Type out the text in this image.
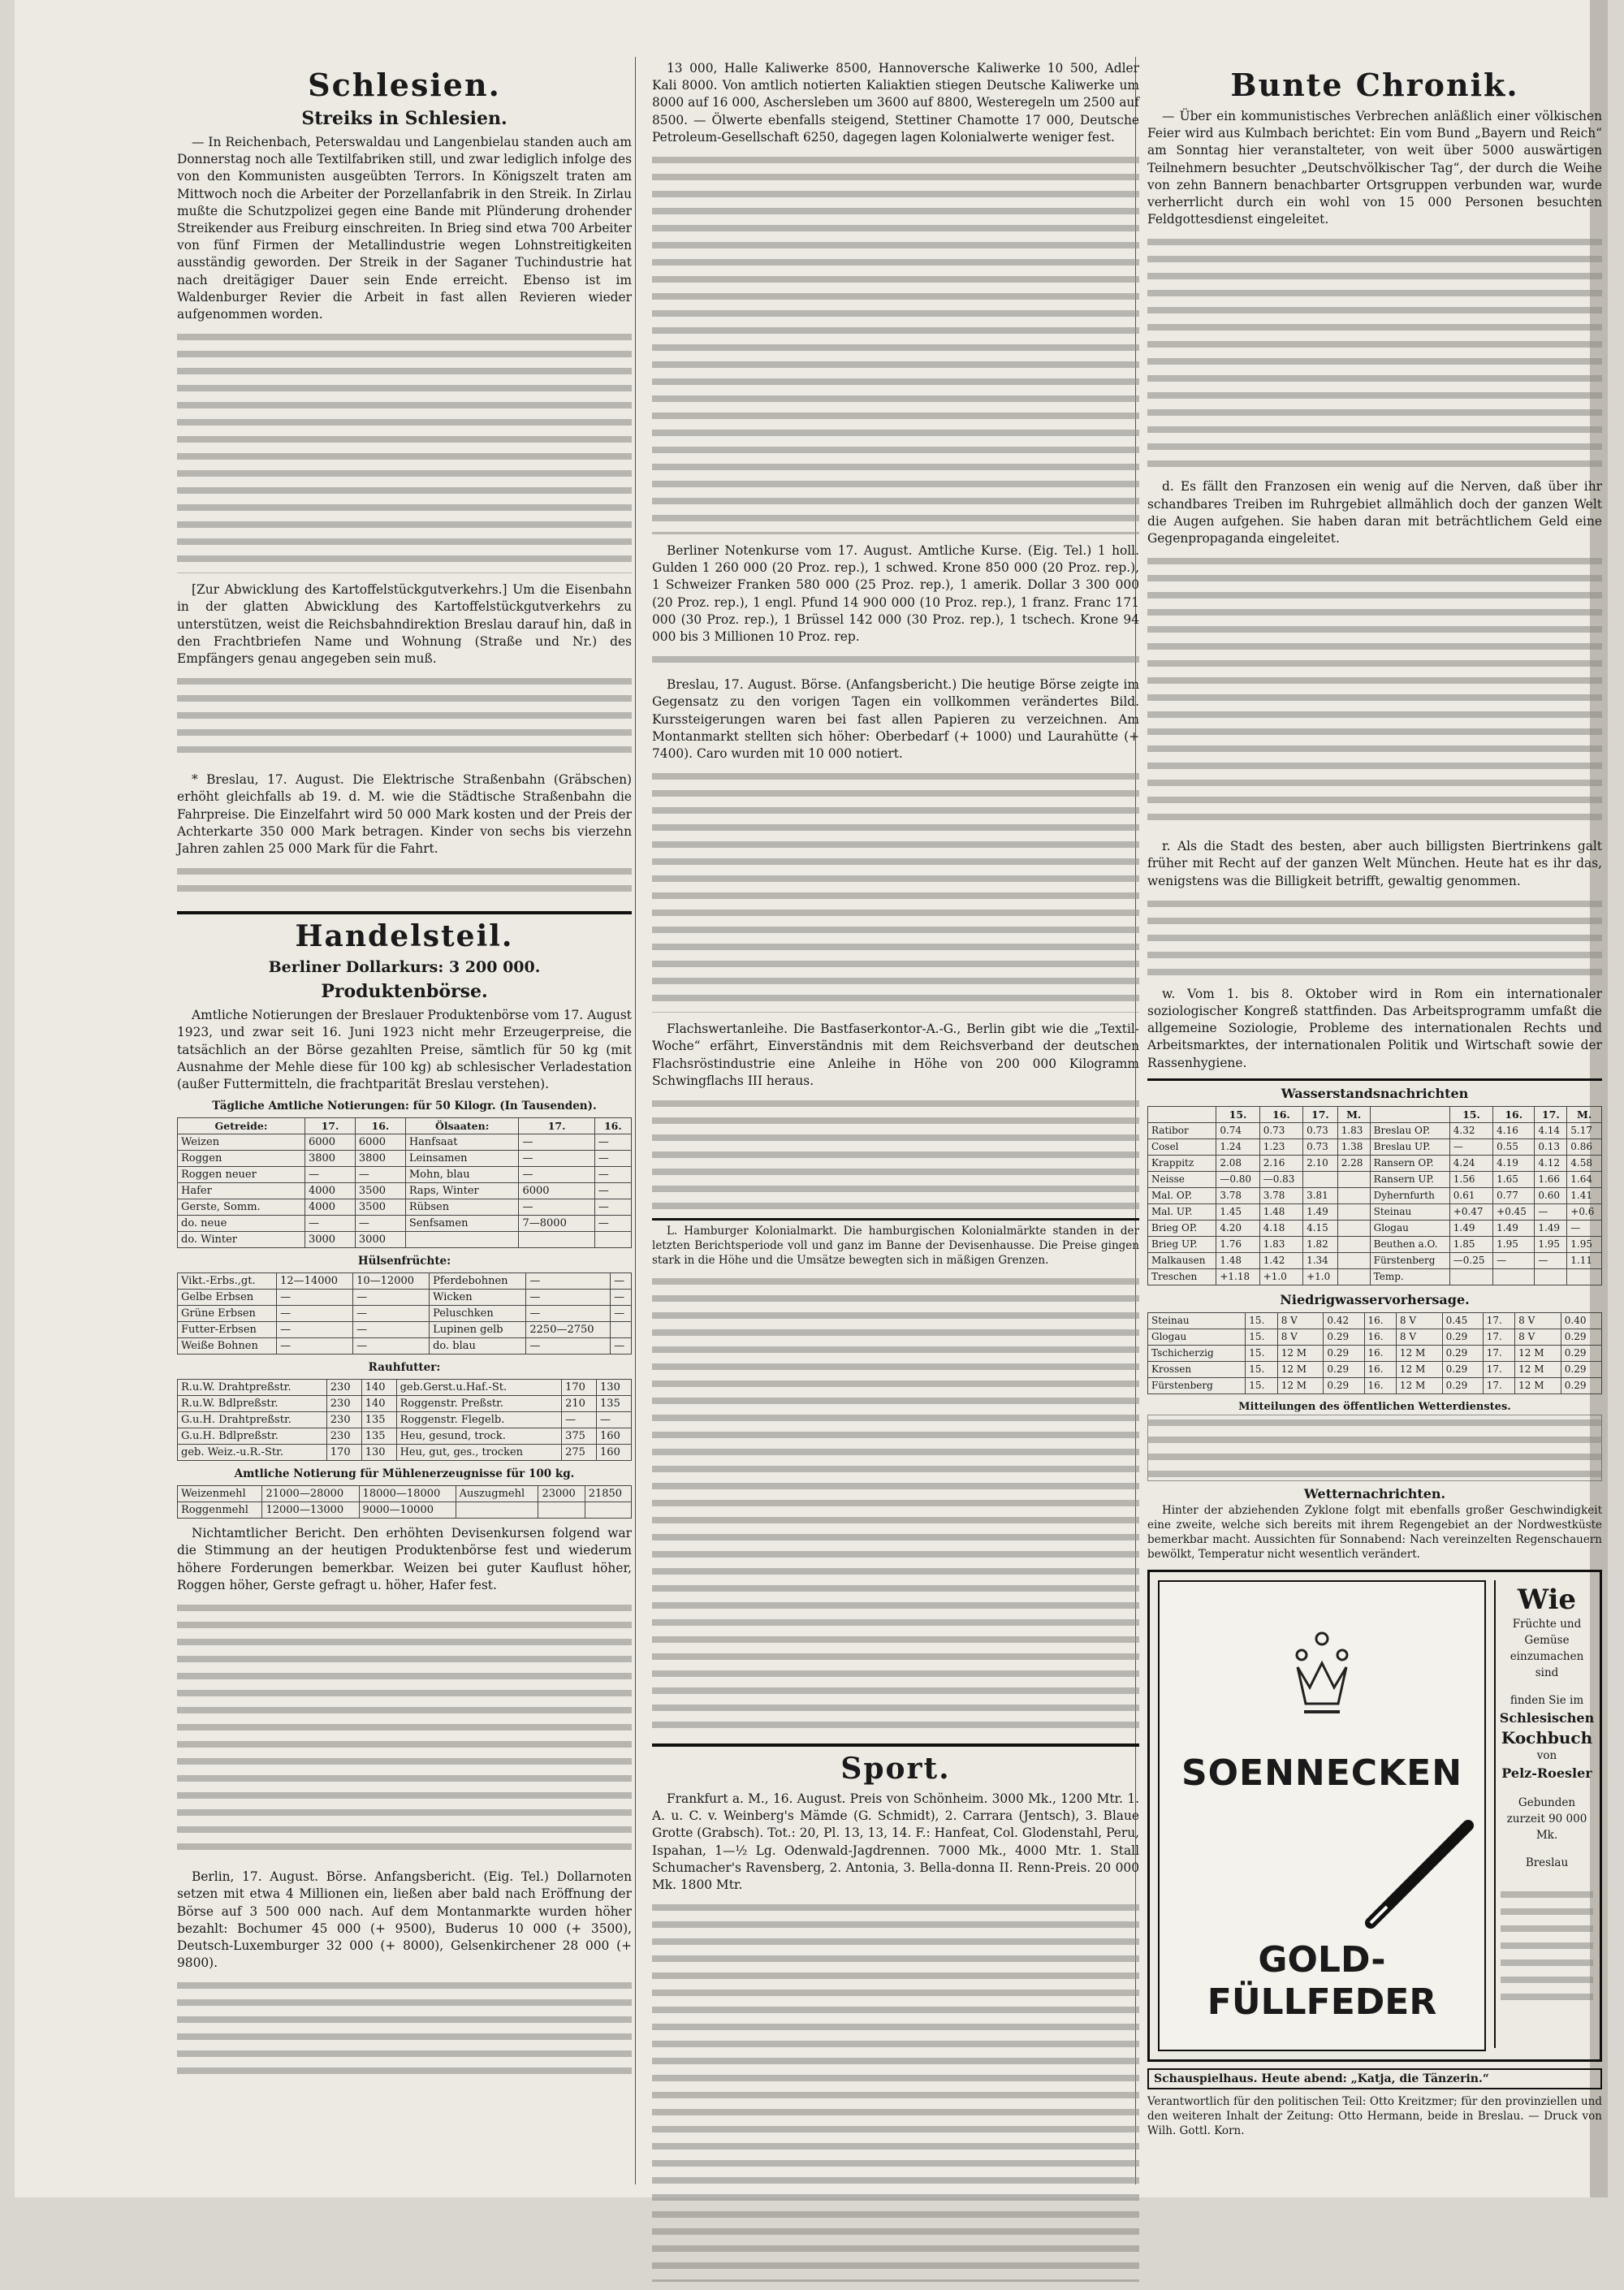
Schlesien.
Streiks in Schlesien.

— In Reichenbach, Peterswaldau und Langenbielau standen auch am Donnerstag noch alle Textilfabriken still, und zwar lediglich infolge des von den Kommunisten ausgeübten Terrors. In Königszelt traten am Mittwoch noch die Arbeiter der Porzellanfabrik in den Streik. In Zirlau mußte die Schutzpolizei gegen eine Bande mit Plünderung drohender Streikender aus Freiburg einschreiten. In Brieg sind etwa 700 Arbeiter von fünf Firmen der Metallindustrie wegen Lohnstreitigkeiten ausständig geworden. Der Streik in der Saganer Tuchindustrie hat nach dreitägiger Dauer sein Ende erreicht. Ebenso ist im Waldenburger Revier die Arbeit in fast allen Revieren wieder aufgenommen worden.

[Zur Abwicklung des Kartoffelstückgutverkehrs.] Um die Eisenbahn in der glatten Abwicklung des Kartoffelstückgutverkehrs zu unterstützen, weist die Reichsbahndirektion Breslau darauf hin, daß in den Frachtbriefen Name und Wohnung (Straße und Nr.) des Empfängers genau angegeben sein muß.

* Breslau, 17. August. Die Elektrische Straßenbahn (Gräbschen) erhöht gleichfalls ab 19. d. M. wie die Städtische Straßenbahn die Fahrpreise. Die Einzelfahrt wird 50 000 Mark kosten und der Preis der Achterkarte 350 000 Mark betragen. Kinder von sechs bis vierzehn Jahren zahlen 25 000 Mark für die Fahrt.

Handelsteil.
Berliner Dollarkurs: 3 200 000.
Produktenbörse.

Amtliche Notierungen der Breslauer Produktenbörse vom 17. August 1923, und zwar seit 16. Juni 1923 nicht mehr Erzeugerpreise, die tatsächlich an der Börse gezahlten Preise, sämtlich für 50 kg (mit Ausnahme der Mehle diese für 100 kg) ab schlesischer Verladestation (außer Futtermitteln, die frachtparität Breslau verstehen).

Tägliche Amtliche Notierungen: für 50 Kilogr. (In Tausenden).
Getreide:	17.	16.	Ölsaaten:	17.	16.
Weizen	6000	6000	Hanfsaat	—	—
Roggen	3800	3800	Leinsamen	—	—
Roggen neuer	—	—	Mohn, blau	—	—
Hafer	4000	3500	Raps, Winter	6000	—
Gerste, Somm.	4000	3500	Rübsen	—	—
do. neue	—	—	Senfsamen	7—8000	—
do. Winter	3000	3000			
Hülsenfrüchte:
Vikt.-Erbs.,gt.	12—14000	10—12000	Pferdebohnen	—	—
Gelbe Erbsen	—	—	Wicken	—	—
Grüne Erbsen	—	—	Peluschken	—	—
Futter-Erbsen	—	—	Lupinen gelb	2250—2750	
Weiße Bohnen	—	—	do. blau	—	—
Rauhfutter:
R.u.W. Drahtpreßstr.	230	140	geb.Gerst.u.Haf.-St.	170	130
R.u.W. Bdlpreßstr.	230	140	Roggenstr. Preßstr.	210	135
G.u.H. Drahtpreßstr.	230	135	Roggenstr. Flegelb.	—	—
G.u.H. Bdlpreßstr.	230	135	Heu, gesund, trock.	375	160
geb. Weiz.-u.R.-Str.	170	130	Heu, gut, ges., trocken	275	160
Amtliche Notierung für Mühlenerzeugnisse für 100 kg.
Weizenmehl	21000—28000	18000—18000	Auszugmehl	23000	21850
Roggenmehl	12000—13000	9000—10000			

Nichtamtlicher Bericht. Den erhöhten Devisenkursen folgend war die Stimmung an der heutigen Produktenbörse fest und wiederum höhere Forderungen bemerkbar. Weizen bei guter Kauflust höher, Roggen höher, Gerste gefragt u. höher, Hafer fest.

Berlin, 17. August. Börse. Anfangsbericht. (Eig. Tel.) Dollarnoten setzen mit etwa 4 Millionen ein, ließen aber bald nach Eröffnung der Börse auf 3 500 000 nach. Auf dem Montanmarkte wurden höher bezahlt: Bochumer 45 000 (+ 9500), Buderus 10 000 (+ 3500), Deutsch-Luxemburger 32 000 (+ 8000), Gelsenkirchener 28 000 (+ 9800).

13 000, Halle Kaliwerke 8500, Hannoversche Kaliwerke 10 500, Adler Kali 8000. Von amtlich notierten Kaliaktien stiegen Deutsche Kaliwerke um 8000 auf 16 000, Aschersleben um 3600 auf 8800, Westeregeln um 2500 auf 8500. — Ölwerte ebenfalls steigend, Stettiner Chamotte 17 000, Deutsche Petroleum-Gesellschaft 6250, dagegen lagen Kolonialwerte weniger fest.

Berliner Notenkurse vom 17. August. Amtliche Kurse. (Eig. Tel.) 1 holl. Gulden 1 260 000 (20 Proz. rep.), 1 schwed. Krone 850 000 (20 Proz. rep.), 1 Schweizer Franken 580 000 (25 Proz. rep.), 1 amerik. Dollar 3 300 000 (20 Proz. rep.), 1 engl. Pfund 14 900 000 (10 Proz. rep.), 1 franz. Franc 171 000 (30 Proz. rep.), 1 Brüssel 142 000 (30 Proz. rep.), 1 tschech. Krone 94 000 bis 3 Millionen 10 Proz. rep.

Breslau, 17. August. Börse. (Anfangsbericht.) Die heutige Börse zeigte im Gegensatz zu den vorigen Tagen ein vollkommen verändertes Bild. Kurssteigerungen waren bei fast allen Papieren zu verzeichnen. Am Montanmarkt stellten sich höher: Oberbedarf (+ 1000) und Laurahütte (+ 7400). Caro wurden mit 10 000 notiert.

Flachswertanleihe. Die Bastfaserkontor-A.-G., Berlin gibt wie die „Textil-Woche“ erfährt, Einverständnis mit dem Reichsverband der deutschen Flachsröstindustrie eine Anleihe in Höhe von 200 000 Kilogramm Schwingflachs III heraus.

L. Hamburger Kolonialmarkt. Die hamburgischen Kolonialmärkte standen in der letzten Berichtsperiode voll und ganz im Banne der Devisenhausse. Die Preise gingen stark in die Höhe und die Umsätze bewegten sich in mäßigen Grenzen.

Sport.

Frankfurt a. M., 16. August. Preis von Schönheim. 3000 Mk., 1200 Mtr. 1. A. u. C. v. Weinberg's Mämde (G. Schmidt), 2. Carrara (Jentsch), 3. Blaue Grotte (Grabsch). Tot.: 20, Pl. 13, 13, 14. F.: Hanfeat, Col. Glodenstahl, Peru, Ispahan, 1—½ Lg. Odenwald-Jagdrennen. 7000 Mk., 4000 Mtr. 1. Stall Schumacher's Ravensberg, 2. Antonia, 3. Bella-donna II. Renn-Preis. 20 000 Mk. 1800 Mtr.

Bunte Chronik.

— Über ein kommunistisches Verbrechen anläßlich einer völkischen Feier wird aus Kulmbach berichtet: Ein vom Bund „Bayern und Reich“ am Sonntag hier veranstalteter, von weit über 5000 auswärtigen Teilnehmern besuchter „Deutschvölkischer Tag“, der durch die Weihe von zehn Bannern benachbarter Ortsgruppen verbunden war, wurde verherrlicht durch ein wohl von 15 000 Personen besuchten Feldgottesdienst eingeleitet.

d. Es fällt den Franzosen ein wenig auf die Nerven, daß über ihr schandbares Treiben im Ruhrgebiet allmählich doch der ganzen Welt die Augen aufgehen. Sie haben daran mit beträchtlichem Geld eine Gegenpropaganda eingeleitet.

r. Als die Stadt des besten, aber auch billigsten Biertrinkens galt früher mit Recht auf der ganzen Welt München. Heute hat es ihr das, wenigstens was die Billigkeit betrifft, gewaltig genommen.

w. Vom 1. bis 8. Oktober wird in Rom ein internationaler soziologischer Kongreß stattfinden. Das Arbeitsprogramm umfaßt die allgemeine Soziologie, Probleme des internationalen Rechts und Arbeitsmarktes, der internationalen Politik und Wirtschaft sowie der Rassenhygiene.

Wasserstandsnachrichten
	15.	16.	17.	M.		15.	16.	17.	M.
Ratibor	0.74	0.73	0.73	1.83	Breslau OP.	4.32	4.16	4.14	5.17
Cosel	1.24	1.23	0.73	1.38	Breslau UP.	—	0.55	0.13	0.86
Krappitz	2.08	2.16	2.10	2.28	Ransern OP.	4.24	4.19	4.12	4.58
Neisse	—0.80	—0.83			Ransern UP.	1.56	1.65	1.66	1.64
Mal. OP.	3.78	3.78	3.81		Dyhernfurth	0.61	0.77	0.60	1.41
Mal. UP.	1.45	1.48	1.49		Steinau	+0.47	+0.45	—	+0.6
Brieg OP.	4.20	4.18	4.15		Glogau	1.49	1.49	1.49	—
Brieg UP.	1.76	1.83	1.82		Beuthen a.O.	1.85	1.95	1.95	1.95
Malkausen	1.48	1.42	1.34		Fürstenberg	—0.25	—	—	1.11
Treschen	+1.18	+1.0	+1.0		Temp.				
Niedrigwasservorhersage.
Steinau	15.	8 V	0.42	16.	8 V	0.45	17.	8 V	0.40
Glogau	15.	8 V	0.29	16.	8 V	0.29	17.	8 V	0.29
Tschicherzig	15.	12 M	0.29	16.	12 M	0.29	17.	12 M	0.29
Krossen	15.	12 M	0.29	16.	12 M	0.29	17.	12 M	0.29
Fürstenberg	15.	12 M	0.29	16.	12 M	0.29	17.	12 M	0.29
Mitteilungen des öffentlichen Wetterdienstes.
Wetternachrichten.

Hinter der abziehenden Zyklone folgt mit ebenfalls großer Geschwindigkeit eine zweite, welche sich bereits mit ihrem Regengebiet an der Nordwestküste bemerkbar macht. Aussichten für Sonnabend: Nach vereinzelten Regenschauern bewölkt, Temperatur nicht wesentlich verändert.

SOENNECKEN
GOLD-
FÜLLFEDER
Wie
Früchte und
Gemüse
einzumachen
sind
finden Sie im
Schlesischen
Kochbuch
von
Pelz-Roesler
Gebunden
zurzeit 90 000 Mk.
Breslau
Schauspielhaus. Heute abend: „Katja, die Tänzerin.“
Verantwortlich für den politischen Teil: Otto Kreitzmer; für den provinziellen und den weiteren Inhalt der Zeitung: Otto Hermann, beide in Breslau. — Druck von Wilh. Gottl. Korn.
